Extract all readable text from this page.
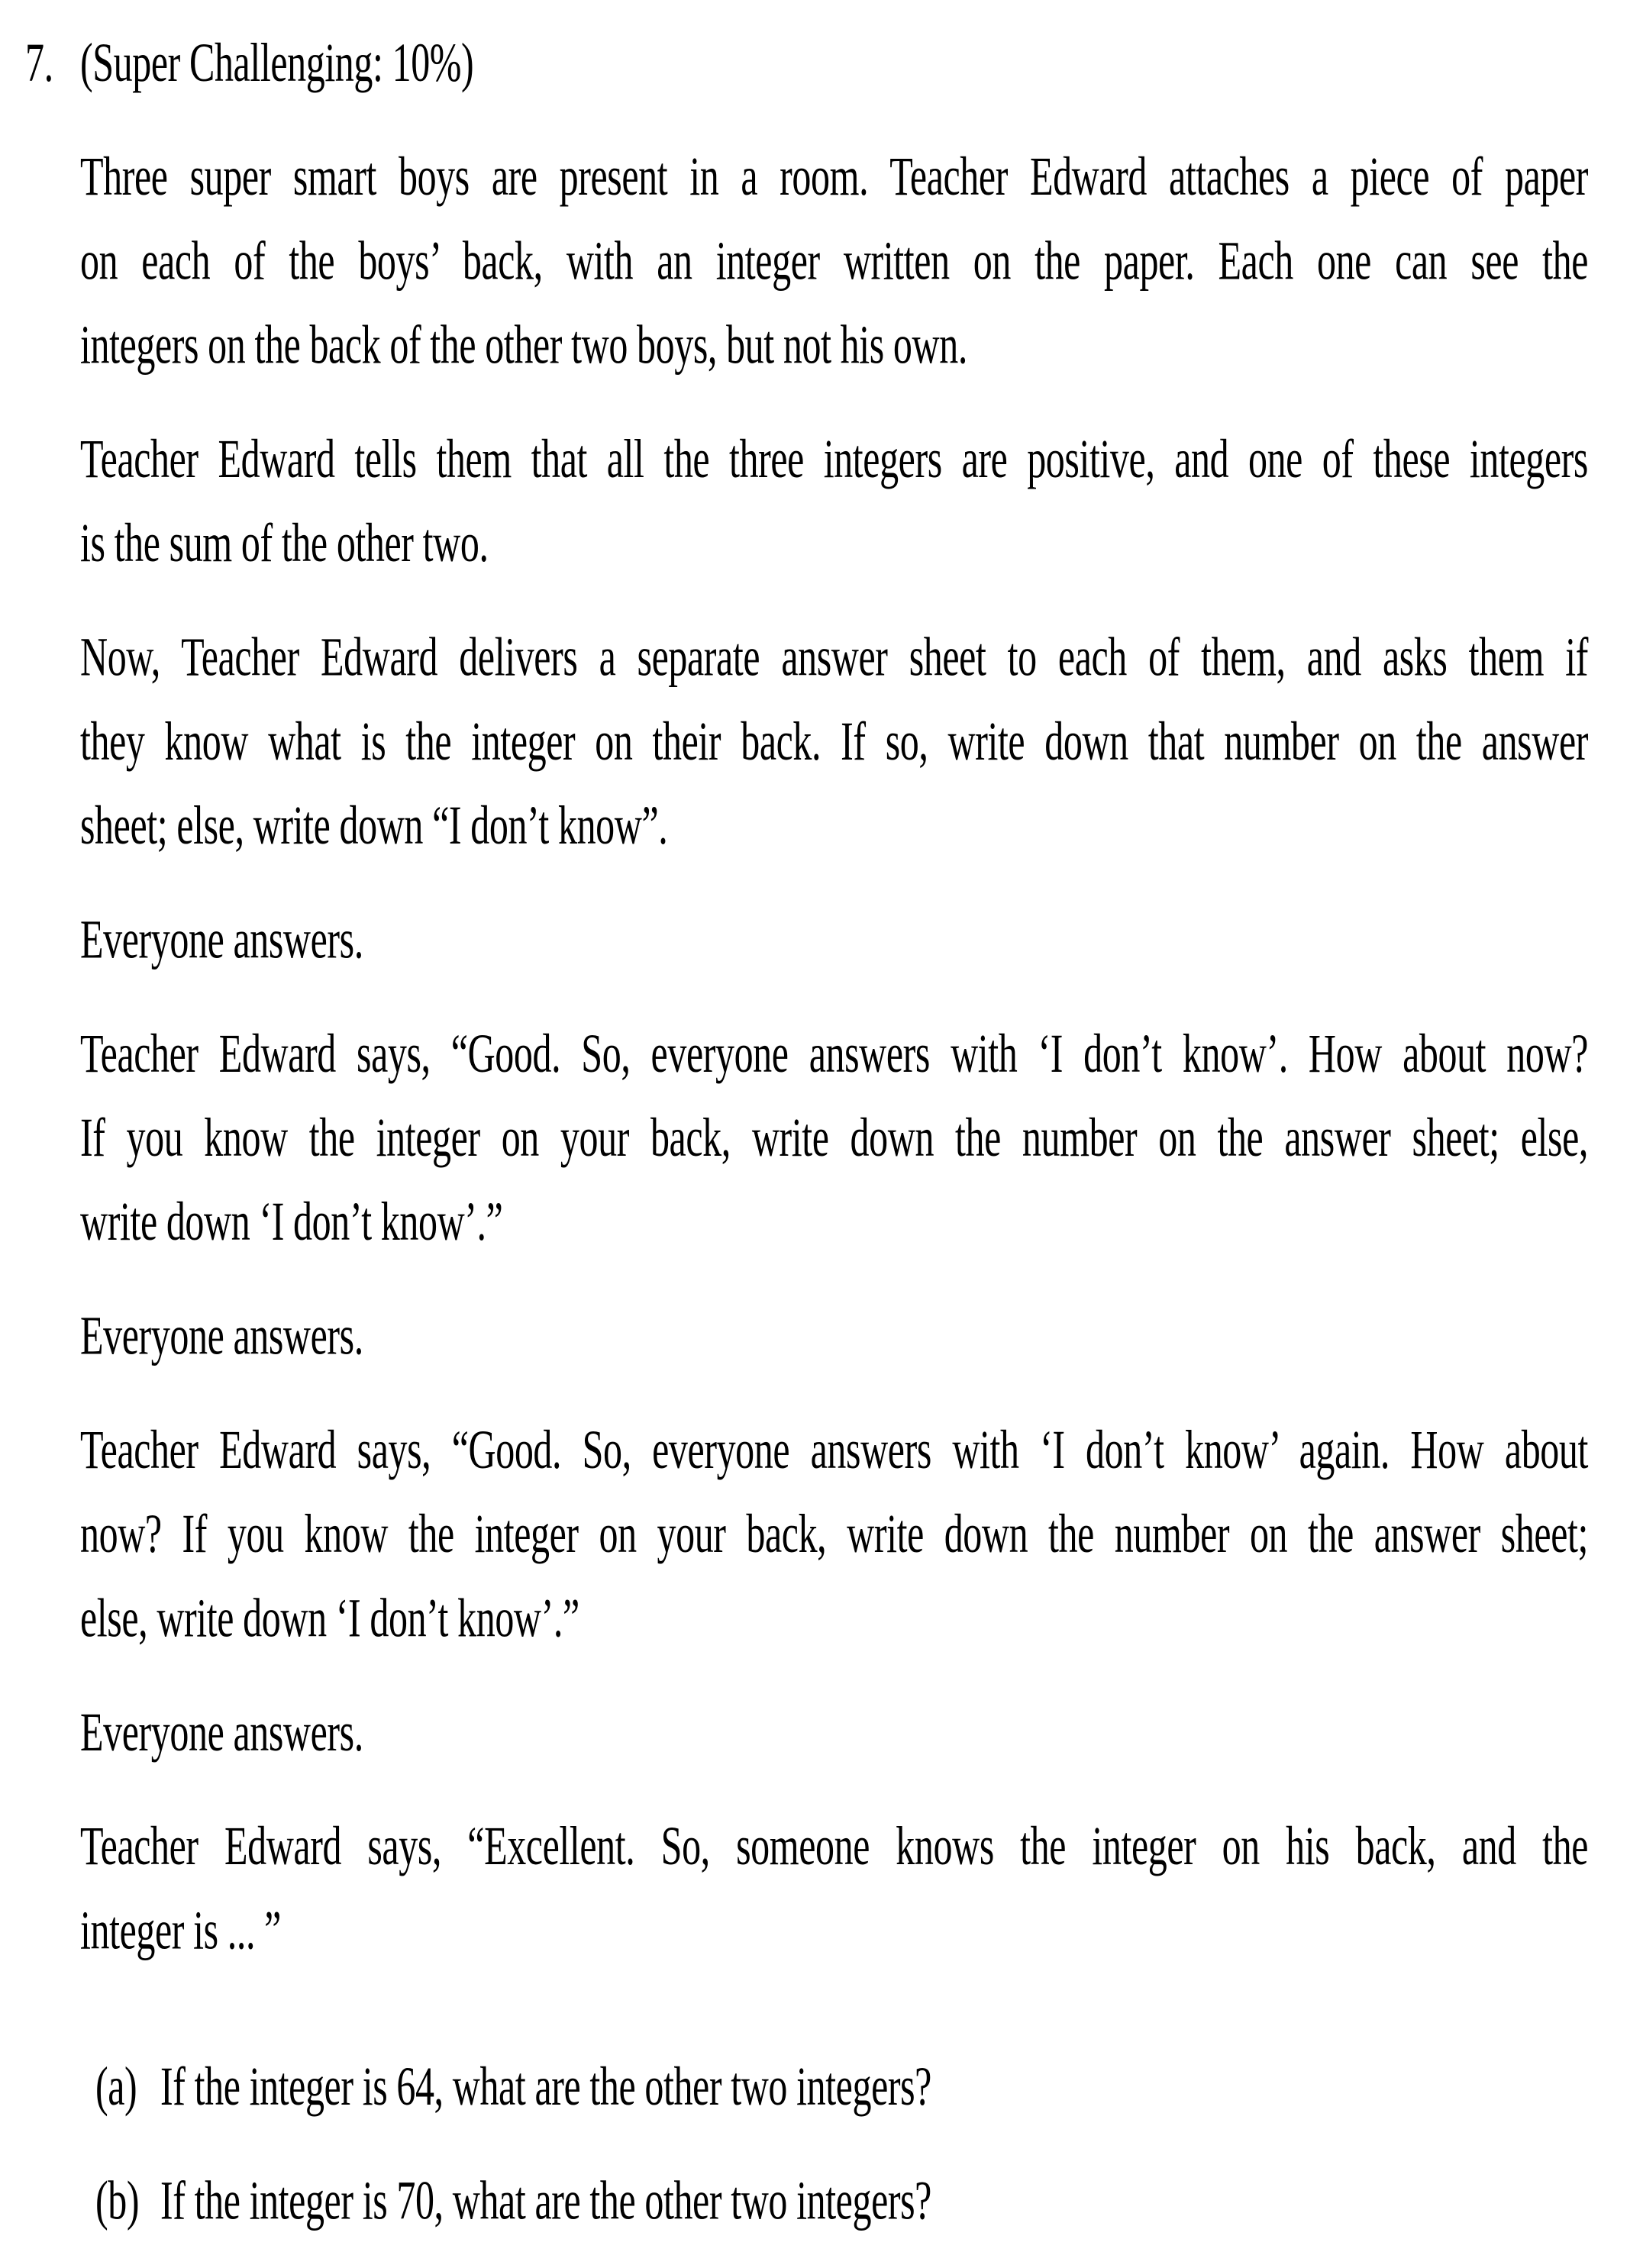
7. (Super Challenging: 10%)
Three super smart boys are present in a room. Teacher Edward attaches a piece of paper
on each of the boys’ back, with an integer written on the paper. Each one can see the
integers on the back of the other two boys, but not his own.
Teacher Edward tells them that all the three integers are positive, and one of these integers
is the sum of the other two.
Now, Teacher Edward delivers a separate answer sheet to each of them, and asks them if
they know what is the integer on their back. If so, write down that number on the answer
sheet; else, write down “I don’t know”.
Everyone answers.
Teacher Edward says, “Good. So, everyone answers with ‘I don’t know’. How about now?
If you know the integer on your back, write down the number on the answer sheet; else,
write down ‘I don’t know’.”
Everyone answers.
Teacher Edward says, “Good. So, everyone answers with ‘I don’t know’ again. How about
now? If you know the integer on your back, write down the number on the answer sheet;
else, write down ‘I don’t know’.”
Everyone answers.
Teacher Edward says, “Excellent. So, someone knows the integer on his back, and the
integer is ... ”
(a) If the integer is 64, what are the other two integers?
(b) If the integer is 70, what are the other two integers?
